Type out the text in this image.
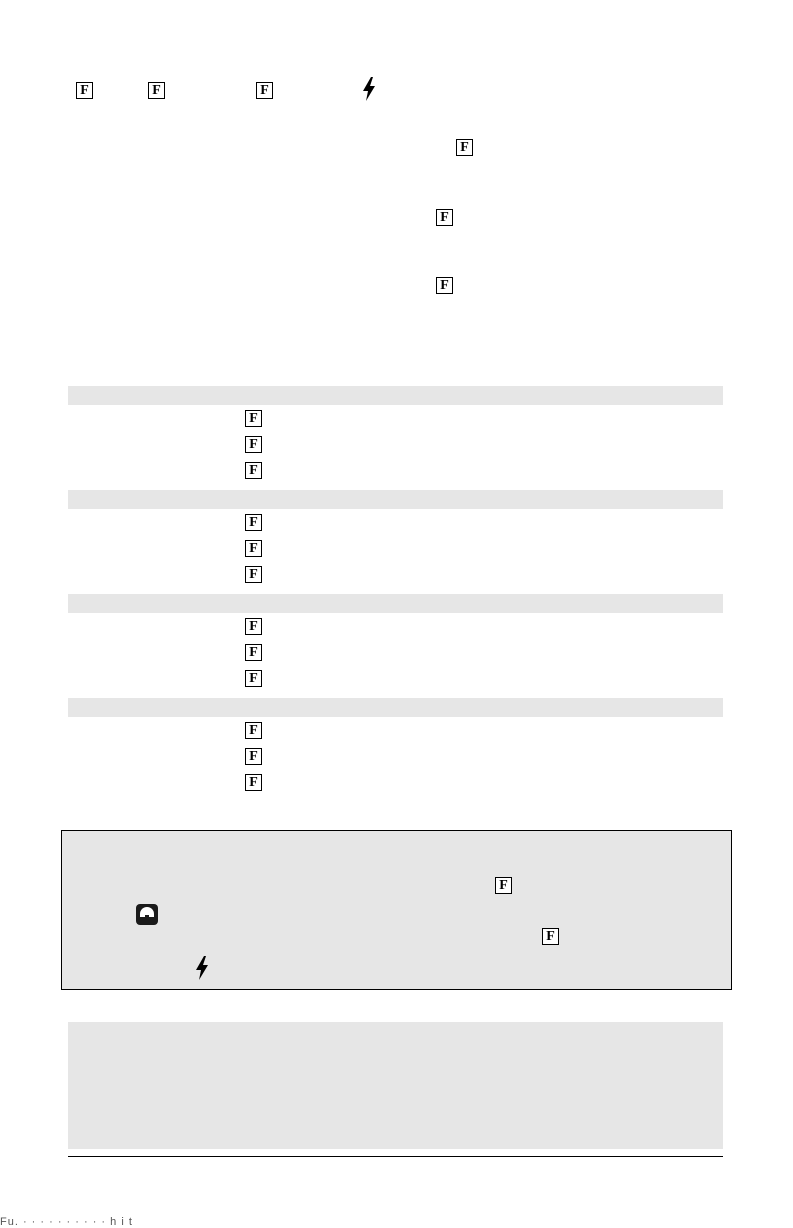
F
F
F
F
F
F
F
F
F
F
F
F
F
F
F
F
F
F
F
F
Fu. · · · · · · · · · · h i t
